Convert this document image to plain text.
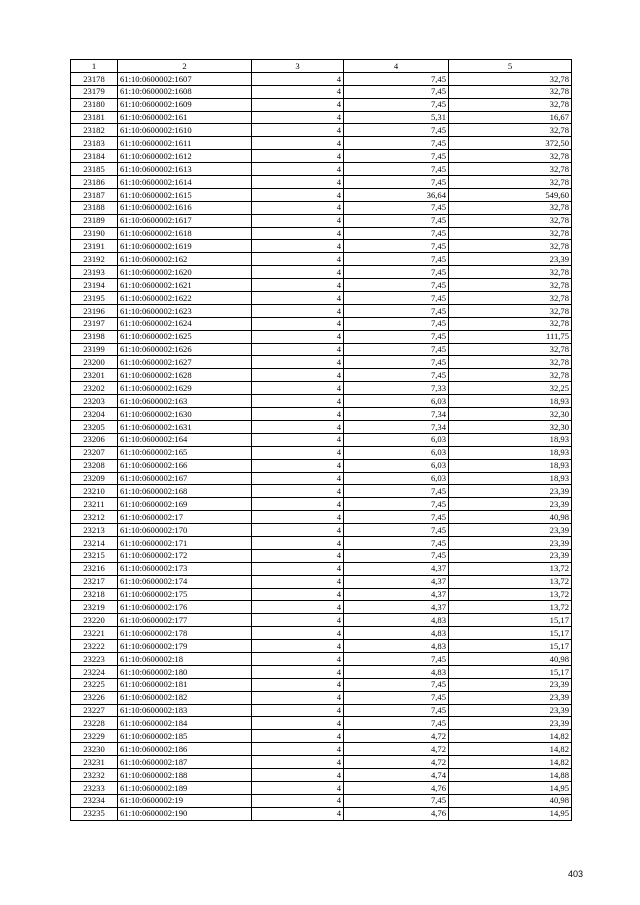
1	2	3	4	5
23178	61:10:0600002:1607	4	7,45	32,78
23179	61:10:0600002:1608	4	7,45	32,78
23180	61:10:0600002:1609	4	7,45	32,78
23181	61:10:0600002:161	4	5,31	16,67
23182	61:10:0600002:1610	4	7,45	32,78
23183	61:10:0600002:1611	4	7,45	372,50
23184	61:10:0600002:1612	4	7,45	32,78
23185	61:10:0600002:1613	4	7,45	32,78
23186	61:10:0600002:1614	4	7,45	32,78
23187	61:10:0600002:1615	4	36,64	549,60
23188	61:10:0600002:1616	4	7,45	32,78
23189	61:10:0600002:1617	4	7,45	32,78
23190	61:10:0600002:1618	4	7,45	32,78
23191	61:10:0600002:1619	4	7,45	32,78
23192	61:10:0600002:162	4	7,45	23,39
23193	61:10:0600002:1620	4	7,45	32,78
23194	61:10:0600002:1621	4	7,45	32,78
23195	61:10:0600002:1622	4	7,45	32,78
23196	61:10:0600002:1623	4	7,45	32,78
23197	61:10:0600002:1624	4	7,45	32,78
23198	61:10:0600002:1625	4	7,45	111,75
23199	61:10:0600002:1626	4	7,45	32,78
23200	61:10:0600002:1627	4	7,45	32,78
23201	61:10:0600002:1628	4	7,45	32,78
23202	61:10:0600002:1629	4	7,33	32,25
23203	61:10:0600002:163	4	6,03	18,93
23204	61:10:0600002:1630	4	7,34	32,30
23205	61:10:0600002:1631	4	7,34	32,30
23206	61:10:0600002:164	4	6,03	18,93
23207	61:10:0600002:165	4	6,03	18,93
23208	61:10:0600002:166	4	6,03	18,93
23209	61:10:0600002:167	4	6,03	18,93
23210	61:10:0600002:168	4	7,45	23,39
23211	61:10:0600002:169	4	7,45	23,39
23212	61:10:0600002:17	4	7,45	40,98
23213	61:10:0600002:170	4	7,45	23,39
23214	61:10:0600002:171	4	7,45	23,39
23215	61:10:0600002:172	4	7,45	23,39
23216	61:10:0600002:173	4	4,37	13,72
23217	61:10:0600002:174	4	4,37	13,72
23218	61:10:0600002:175	4	4,37	13,72
23219	61:10:0600002:176	4	4,37	13,72
23220	61:10:0600002:177	4	4,83	15,17
23221	61:10:0600002:178	4	4,83	15,17
23222	61:10:0600002:179	4	4,83	15,17
23223	61:10:0600002:18	4	7,45	40,98
23224	61:10:0600002:180	4	4,83	15,17
23225	61:10:0600002:181	4	7,45	23,39
23226	61:10:0600002:182	4	7,45	23,39
23227	61:10:0600002:183	4	7,45	23,39
23228	61:10:0600002:184	4	7,45	23,39
23229	61:10:0600002:185	4	4,72	14,82
23230	61:10:0600002:186	4	4,72	14,82
23231	61:10:0600002:187	4	4,72	14,82
23232	61:10:0600002:188	4	4,74	14,88
23233	61:10:0600002:189	4	4,76	14,95
23234	61:10:0600002:19	4	7,45	40,98
23235	61:10:0600002:190	4	4,76	14,95
403
